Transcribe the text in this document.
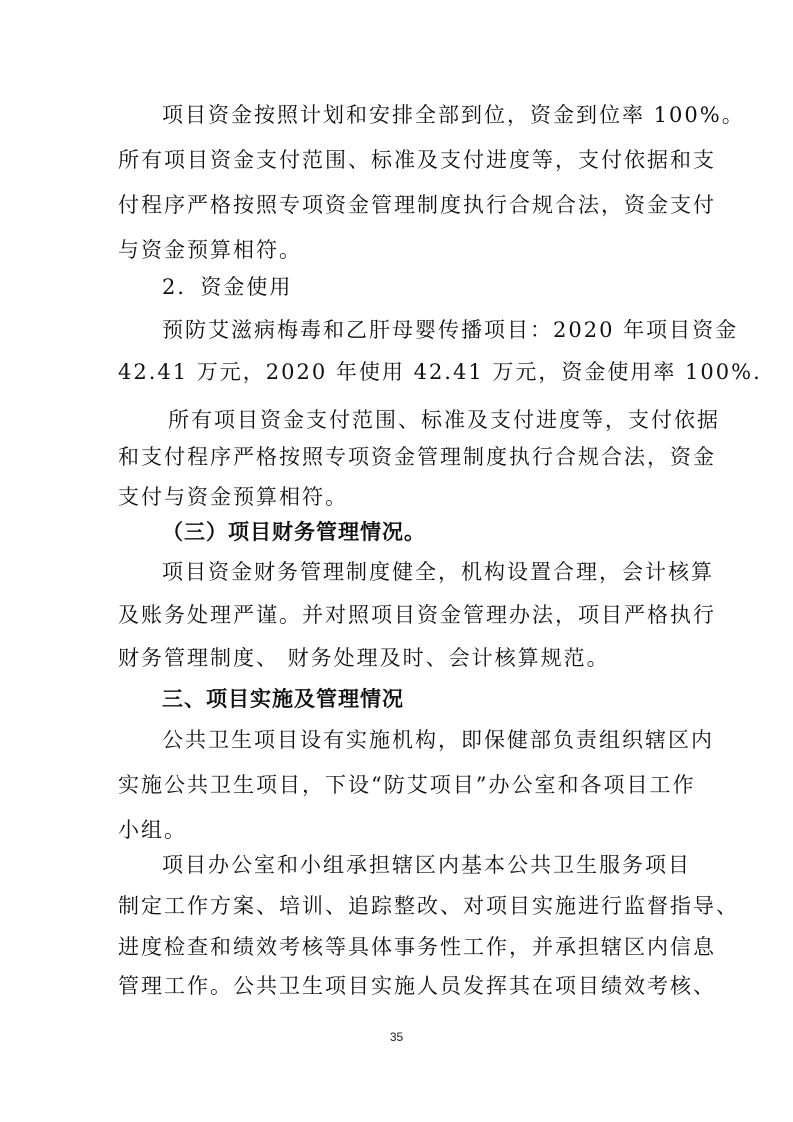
项目资金按照计划和安排全部到位，资金到位率 100%。
所有项目资金支付范围、标准及支付进度等，支付依据和支
付程序严格按照专项资金管理制度执行合规合法，资金支付
与资金预算相符。
2．资金使用
预防艾滋病梅毒和乙肝母婴传播项目：2020 年项目资金
42.41 万元，2020 年使用 42.41 万元，资金使用率 100%.
所有项目资金支付范围、标准及支付进度等，支付依据
和支付程序严格按照专项资金管理制度执行合规合法，资金
支付与资金预算相符。
（三）项目财务管理情况。
项目资金财务管理制度健全，机构设置合理，会计核算
及账务处理严谨。并对照项目资金管理办法，项目严格执行
财务管理制度、 财务处理及时、会计核算规范。
三、项目实施及管理情况
公共卫生项目设有实施机构，即保健部负责组织辖区内
实施公共卫生项目，下设“防艾项目”办公室和各项目工作
小组。
项目办公室和小组承担辖区内基本公共卫生服务项目
制定工作方案、培训、追踪整改、对项目实施进行监督指导、
进度检查和绩效考核等具体事务性工作，并承担辖区内信息
管理工作。公共卫生项目实施人员发挥其在项目绩效考核、
35
